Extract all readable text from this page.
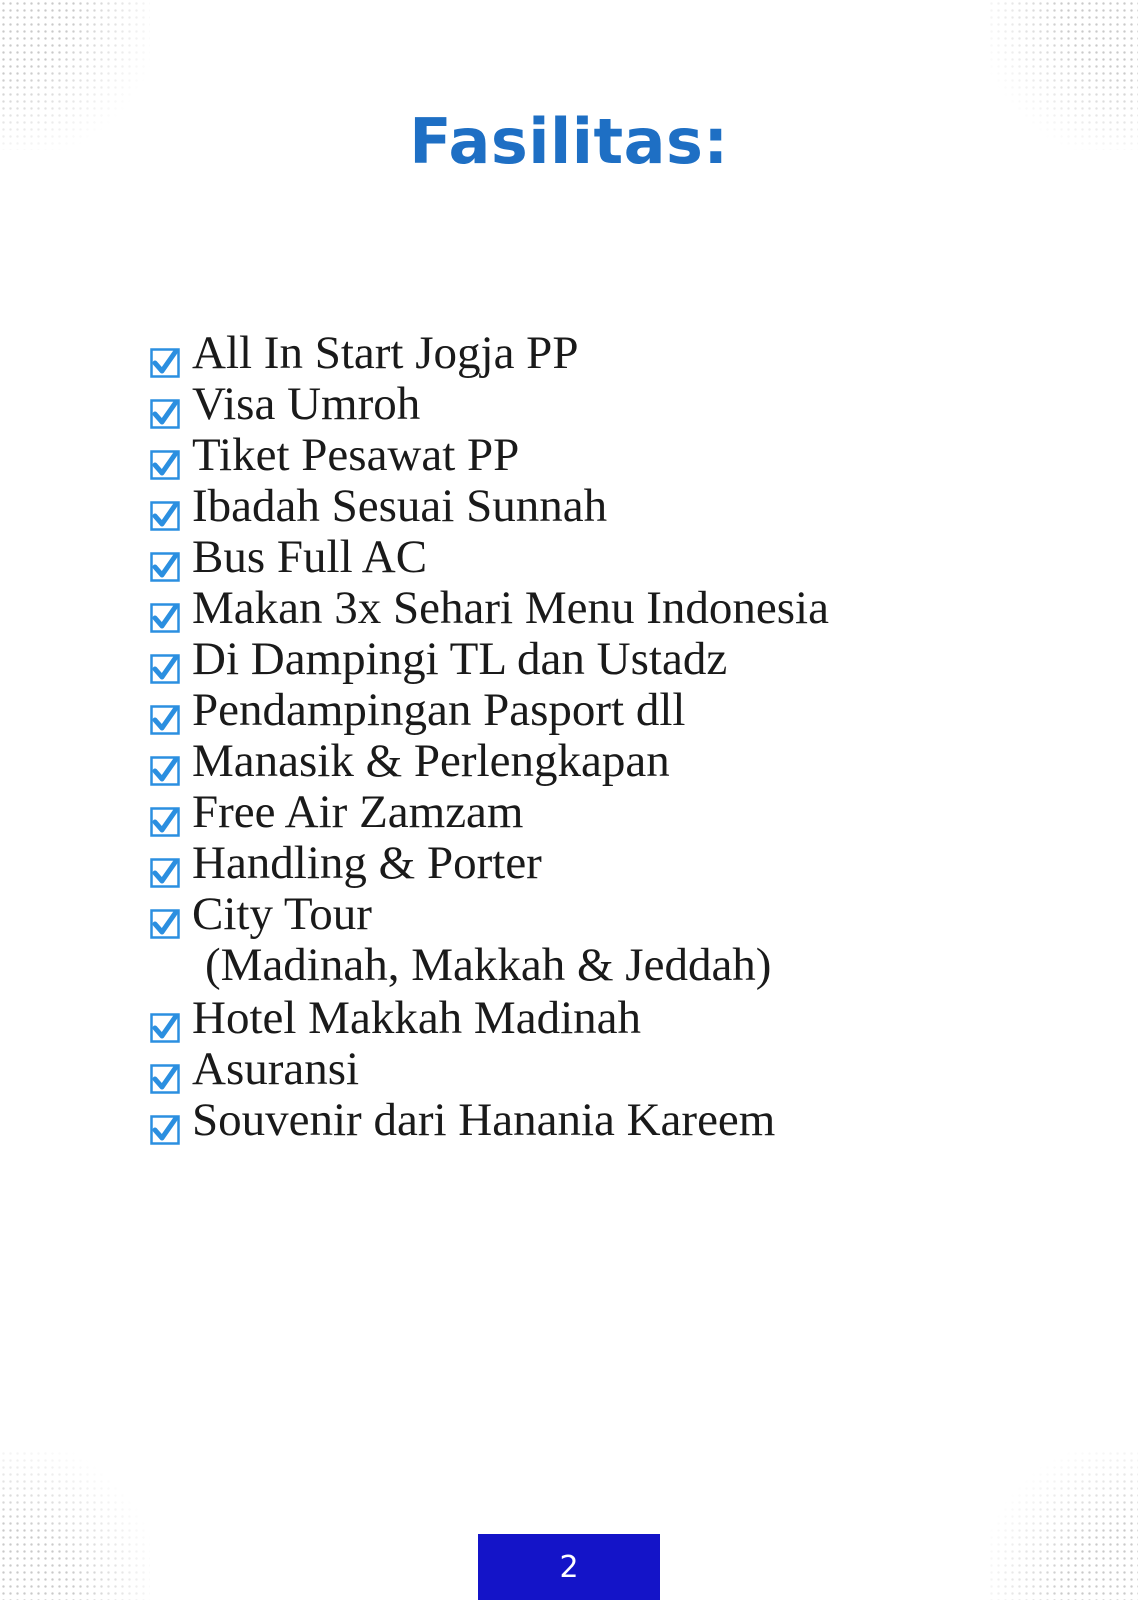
Fasilitas:
All In Start Jogja PP
Visa Umroh
Tiket Pesawat PP
Ibadah Sesuai Sunnah
Bus Full AC
Makan 3x Sehari Menu Indonesia
Di Dampingi TL dan Ustadz
Pendampingan Pasport dll
Manasik & Perlengkapan
Free Air Zamzam
Handling & Porter
City Tour
(Madinah, Makkah & Jeddah)
Hotel Makkah Madinah
Asuransi
Souvenir dari Hanania Kareem
2
